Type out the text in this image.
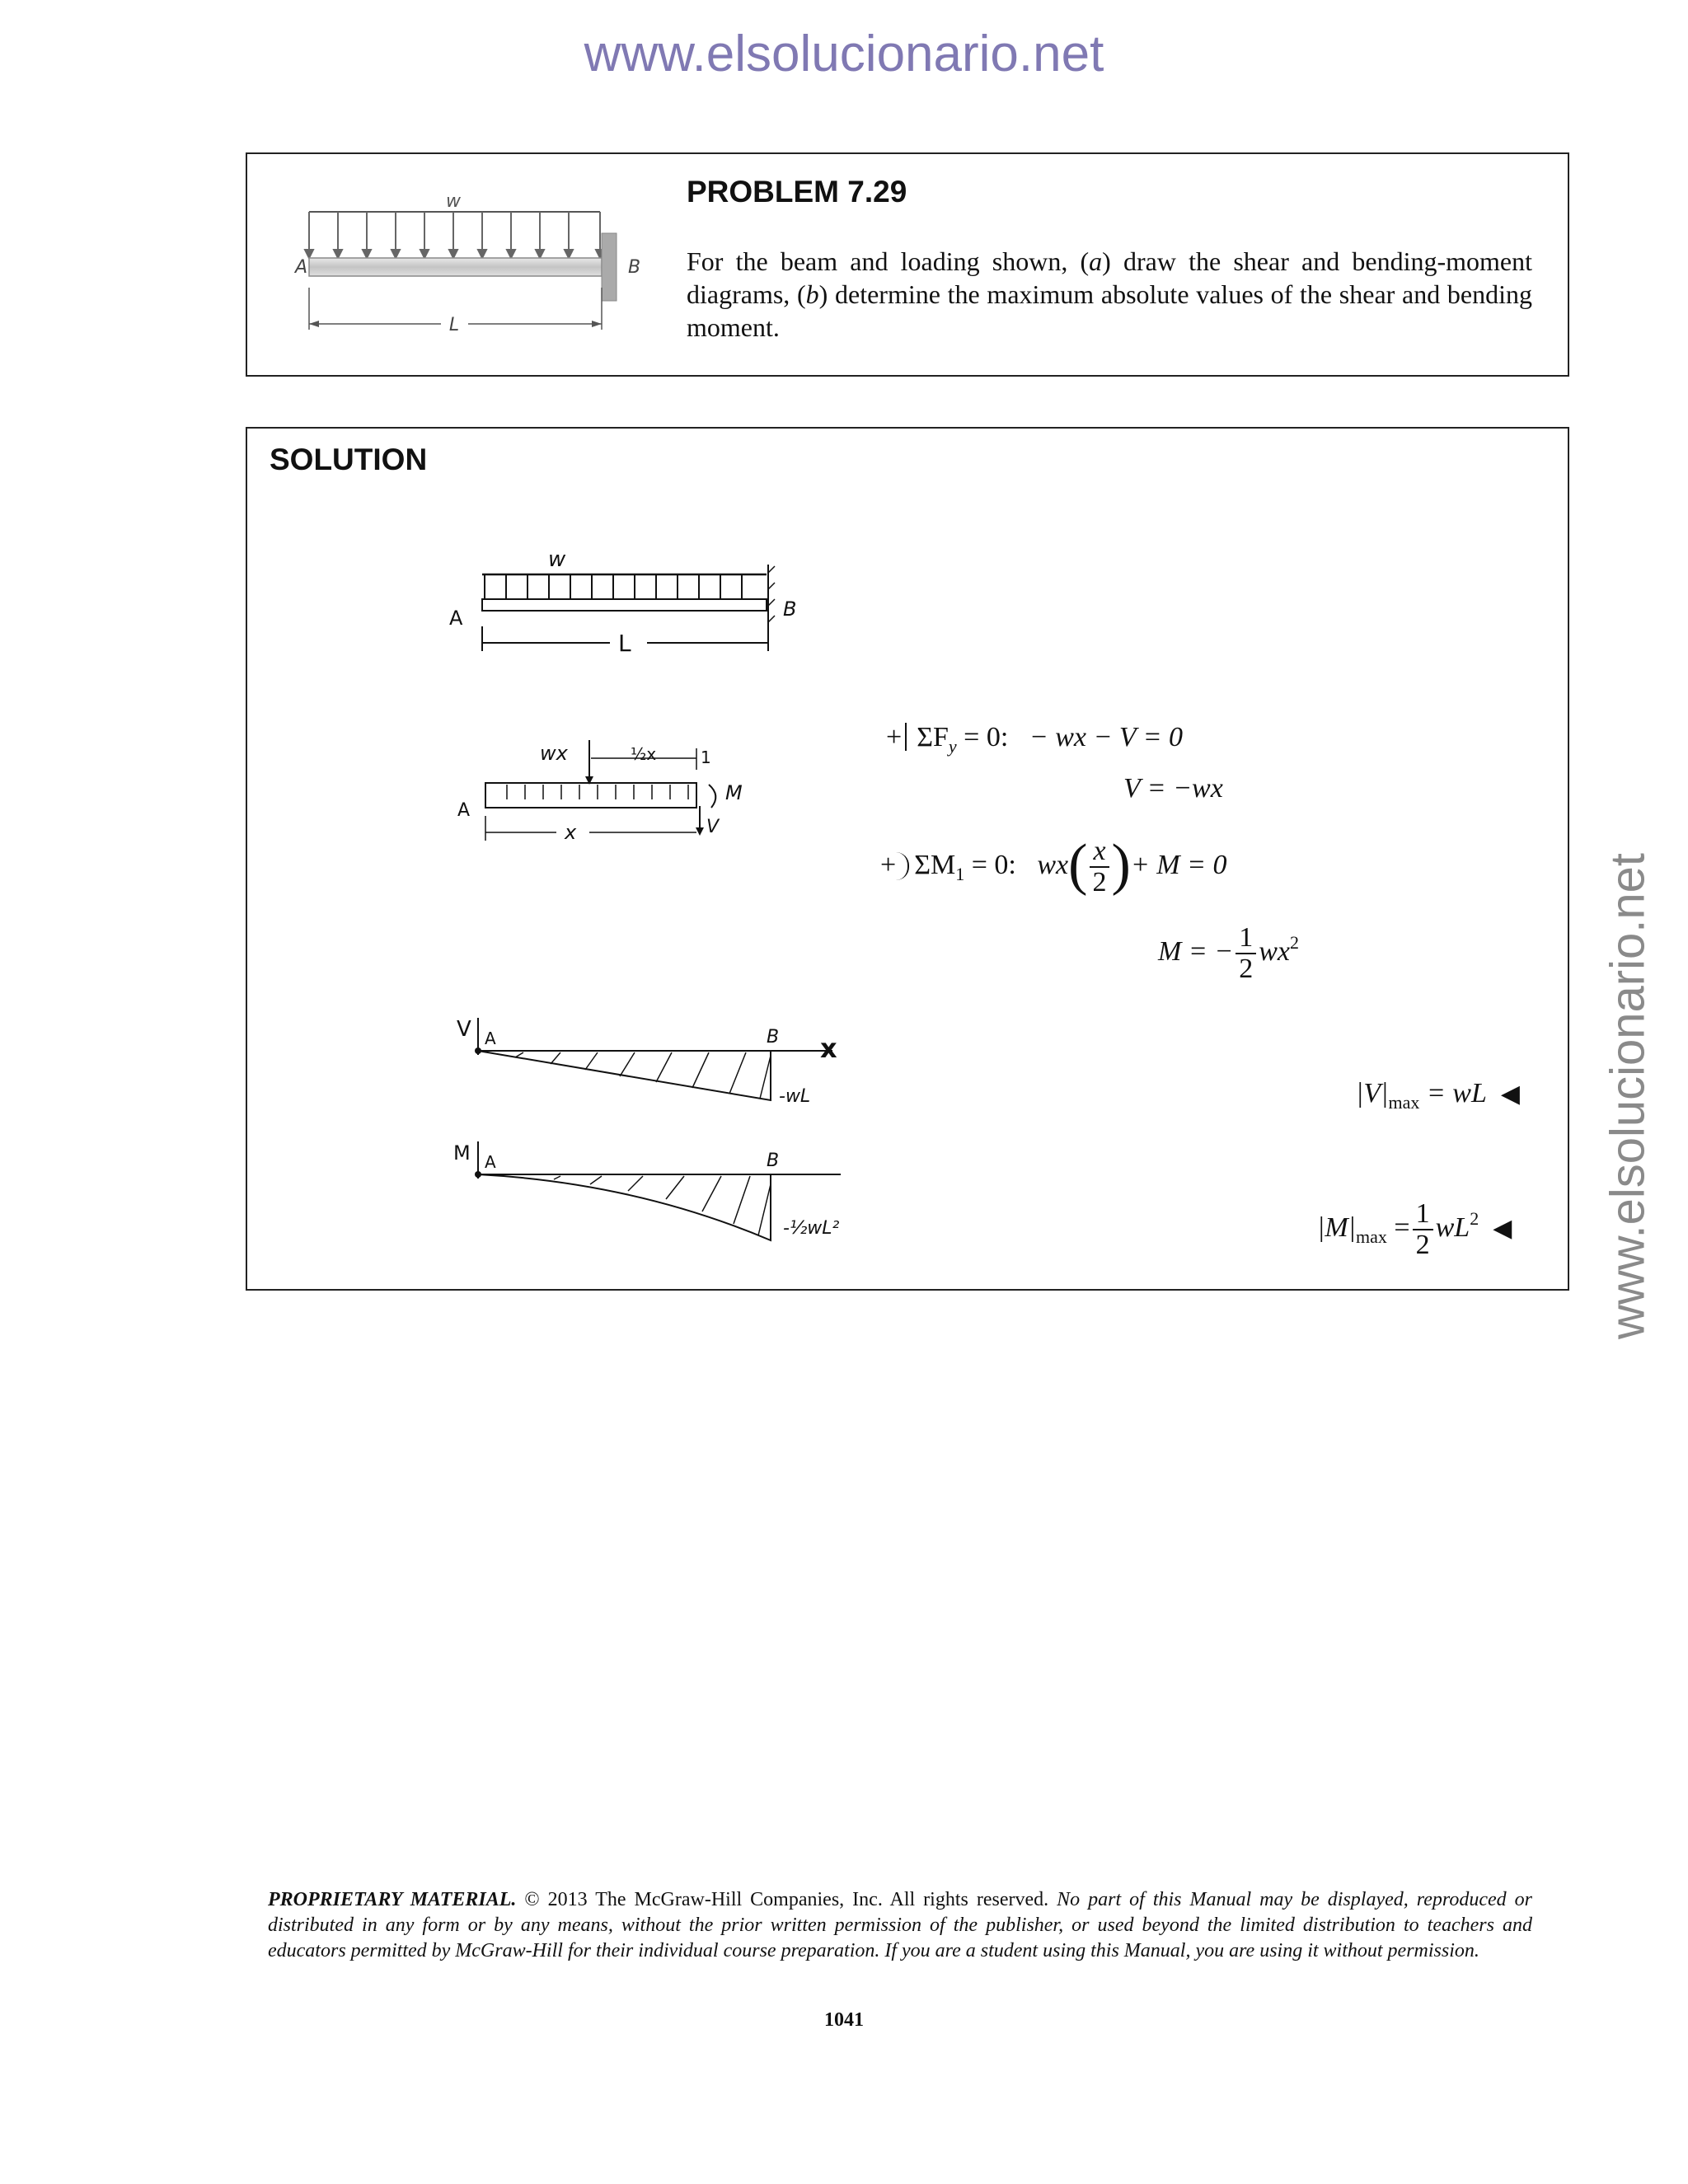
www.elsolucionario.net
www.elsolucionario.net
w
A	B
L
PROBLEM 7.29
For the beam and loading shown, (a) draw the shear and bending-moment diagrams, (b) determine the maximum absolute values of the shear and bending moment.
SOLUTION
w
A	B
L
wx	½x	1
A
M
V
x
V A	B x
-wL
M A	B
-½wL²
+ $\Sigma F_y = 0$: − wx − V = 0
V = −wx
+ $\Sigma M_1 = 0$: $wx( \frac{x}{2}$ )+ M = 0
M = − $\frac{1}{2} wx^2$
$|V|_{max}$ = wL ◀
$|M|_{max} = \frac{1}{2} wL^2$ ◀
PROPRIETARY MATERIAL. © 2013 The McGraw-Hill Companies, Inc. All rights reserved. No part of this Manual may be displayed, reproduced or distributed in any form or by any means, without the prior written permission of the publisher, or used beyond the limited distribution to teachers and educators permitted by McGraw-Hill for their individual course preparation. If you are a student using this Manual, you are using it without permission.
1041
